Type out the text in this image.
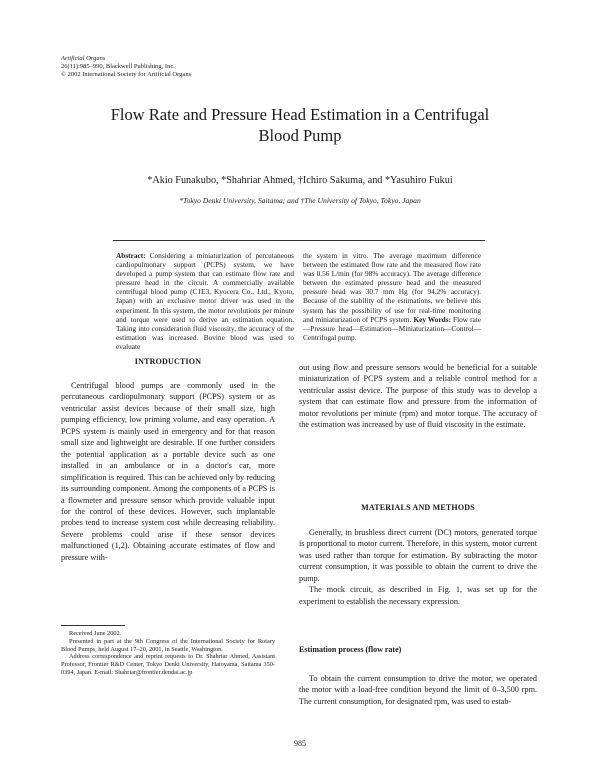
Artificial Organs
26(11):985–990, Blackwell Publishing, Inc.
© 2002 International Society for Artificial Organs
Flow Rate and Pressure Head Estimation in a Centrifugal
Blood Pump
*Akio Funakubo, *Shahriar Ahmed, †Ichiro Sakuma, and *Yasuhiro Fukui
*Tokyo Denki University, Saitama; and †The University of Tokyo, Tokyo, Japan
Abstract: Considering a miniaturization of percutaneous cardiopulmonary support (PCPS) system, we have developed a pump system that can estimate flow rate and pressure head in the circuit. A commercially available centrifugal blood pump (C1E3, Kyocera Co., Ltd., Kyoto, Japan) with an exclusive motor driver was used in the experiment. In this system, the motor revolutions per minute and torque were used to derive an estimation equation. Taking into consideration fluid viscosity, the accuracy of the estimation was increased. Bovine blood was used to evaluate
the system in vitro. The average maximum difference between the estimated flow rate and the measured flow rate was 0.56 L/min (for 98% accuracy). The average difference between the estimated pressure head and the measured pressure head was 30.7 mm Hg (for 94.2% accuracy). Because of the stability of the estimations, we believe this system has the possibility of use for real-time monitoring and miniaturization of PCPS system. Key Words: Flow rate—Pressure head—Estimation—Miniaturization—Control—Centrifugal pump.
INTRODUCTION

Centrifugal blood pumps are commonly used in the percutaneous cardiopulmonary support (PCPS) system or as ventricular assist devices because of their small size, high pumping efficiency, low priming volume, and easy operation. A PCPS system is mainly used in emergency and for that reason small size and lightweight are desirable. If one further considers the potential application as a portable device such as one installed in an ambulance or in a doctor's car, more simplification is required. This can be achieved only by reducing its surrounding component. Among the components of a PCPS is a flowmeter and pressure sensor which provide valuable input for the control of these devices. However, such implantable probes tend to increase system cost while decreasing reliability. Severe problems could arise if these sensor devices malfunctioned (1,2). Obtaining accurate estimates of flow and pressure with-

out using flow and pressure sensors would be beneficial for a suitable miniaturization of PCPS system and a reliable control method for a ventricular assist device. The purpose of this study was to develop a system that can estimate flow and pressure from the information of motor revolutions per minute (rpm) and motor torque. The accuracy of the estimation was increased by use of fluid viscosity in the estimate.

MATERIALS AND METHODS

Generally, in brushless direct current (DC) motors, generated torque is proportional to motor current. Therefore, in this system, motor current was used rather than torque for estimation. By subtracting the motor current consumption, it was possible to obtain the current to drive the pump.

The mock circuit, as described in Fig. 1, was set up for the experiment to establish the necessary expression.

Estimation process (flow rate)

To obtain the current consumption to drive the motor, we operated the motor with a load-free condition beyond the limit of 0–3,500 rpm. The current consumption, for designated rpm, was used to estab-

Received June 2002.

Presented in part at the 9th Congress of the International Society for Rotary Blood Pumps, held August 17–20, 2001, in Seattle, Washington.

Address correspondence and reprint requests to Dr. Shahriar Ahmed, Assistant Professor, Frontier R&D Center, Tokyo Denki University, Hatoyama, Saitama 350-0394, Japan. E-mail: Shahriar@frontier.dendai.ac.jp

985
